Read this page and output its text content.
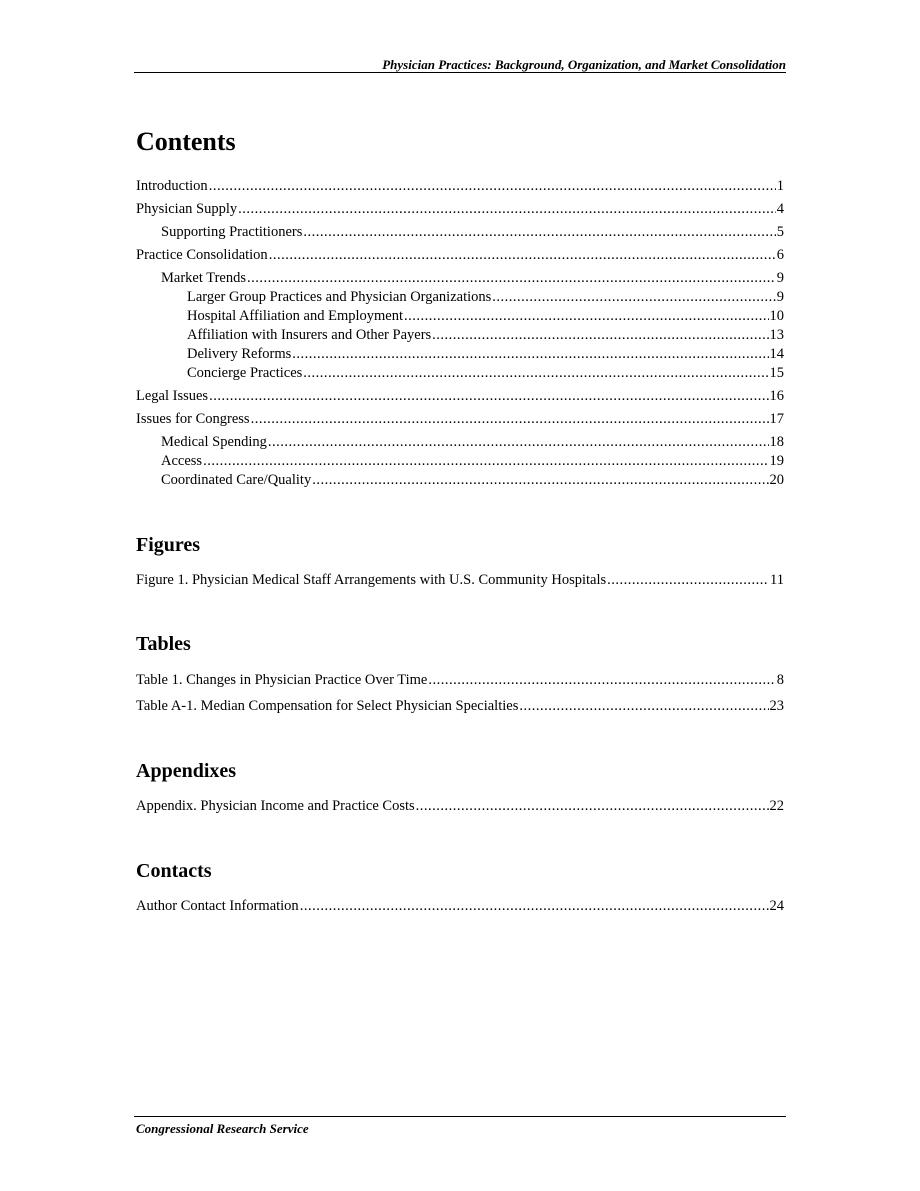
Physician Practices: Background, Organization, and Market Consolidation
Contents
Introduction .....	1
Physician Supply .....	4
Supporting Practitioners .....	5
Practice Consolidation .....	6
Market Trends .....	9
Larger Group Practices and Physician Organizations .....	9
Hospital Affiliation and Employment .....	10
Affiliation with Insurers and Other Payers .....	13
Delivery Reforms .....	14
Concierge Practices .....	15
Legal Issues .....	16
Issues for Congress .....	17
Medical Spending .....	18
Access .....	19
Coordinated Care/Quality .....	20
Figures
Figure 1. Physician Medical Staff Arrangements with U.S. Community Hospitals .....	11
Tables
Table 1. Changes in Physician Practice Over Time .....	8
Table A-1. Median Compensation for Select Physician Specialties .....	23
Appendixes
Appendix. Physician Income and Practice Costs .....	22
Contacts
Author Contact Information .....	24
Congressional Research Service
